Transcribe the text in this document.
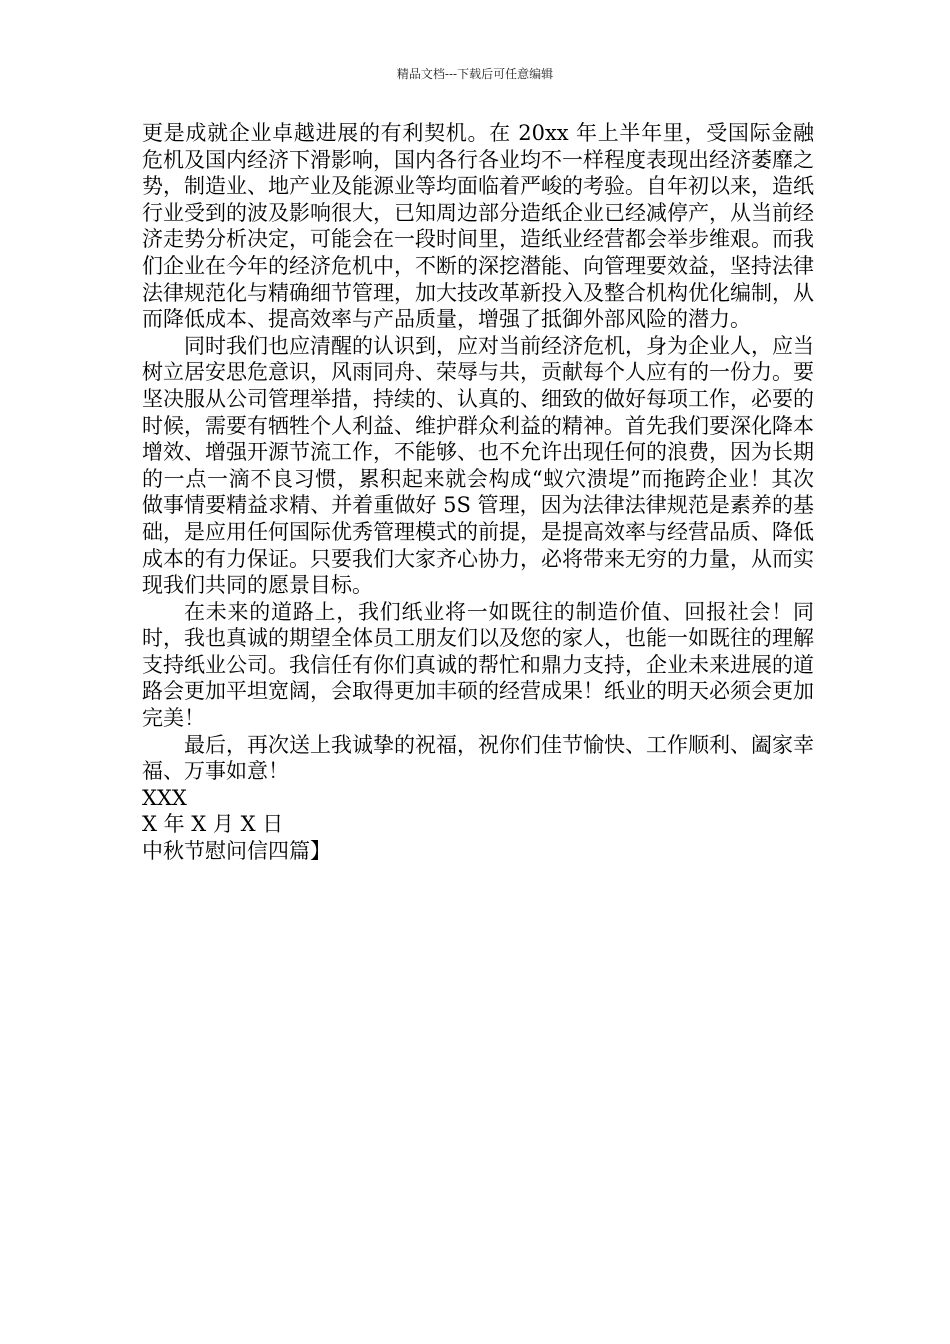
精品文档---下载后可任意编辑

更是成就企业卓越进展的有利契机。在 20xx 年上半年里，受国际金融危机及国内经济下滑影响，国内各行各业均不一样程度表现出经济萎靡之势，制造业、地产业及能源业等均面临着严峻的考验。自年初以来，造纸行业受到的波及影响很大，已知周边部分造纸企业已经减停产，从当前经济走势分析决定，可能会在一段时间里，造纸业经营都会举步维艰。而我们企业在今年的经济危机中，不断的深挖潜能、向管理要效益，坚持法律法律规范化与精确细节管理，加大技改革新投入及整合机构优化编制，从而降低成本、提高效率与产品质量，增强了抵御外部风险的潜力。

同时我们也应清醒的认识到，应对当前经济危机，身为企业人，应当树立居安思危意识，风雨同舟、荣辱与共，贡献每个人应有的一份力。要坚决服从公司管理举措，持续的、认真的、细致的做好每项工作，必要的时候，需要有牺牲个人利益、维护群众利益的精神。首先我们要深化降本增效、增强开源节流工作，不能够、也不允许出现任何的浪费，因为长期的一点一滴不良习惯，累积起来就会构成“蚁穴溃堤”而拖跨企业！其次做事情要精益求精、并着重做好 5S 管理，因为法律法律规范是素养的基础，是应用任何国际优秀管理模式的前提，是提高效率与经营品质、降低成本的有力保证。只要我们大家齐心协力，必将带来无穷的力量，从而实现我们共同的愿景目标。

在未来的道路上，我们纸业将一如既往的制造价值、回报社会！同时，我也真诚的期望全体员工朋友们以及您的家人，也能一如既往的理解支持纸业公司。我信任有你们真诚的帮忙和鼎力支持，企业未来进展的道路会更加平坦宽阔，会取得更加丰硕的经营成果！纸业的明天必须会更加完美！

最后，再次送上我诚挚的祝福，祝你们佳节愉快、工作顺利、阖家幸福、万事如意！

XXX

X 年 X 月 X 日

中秋节慰问信四篇】
